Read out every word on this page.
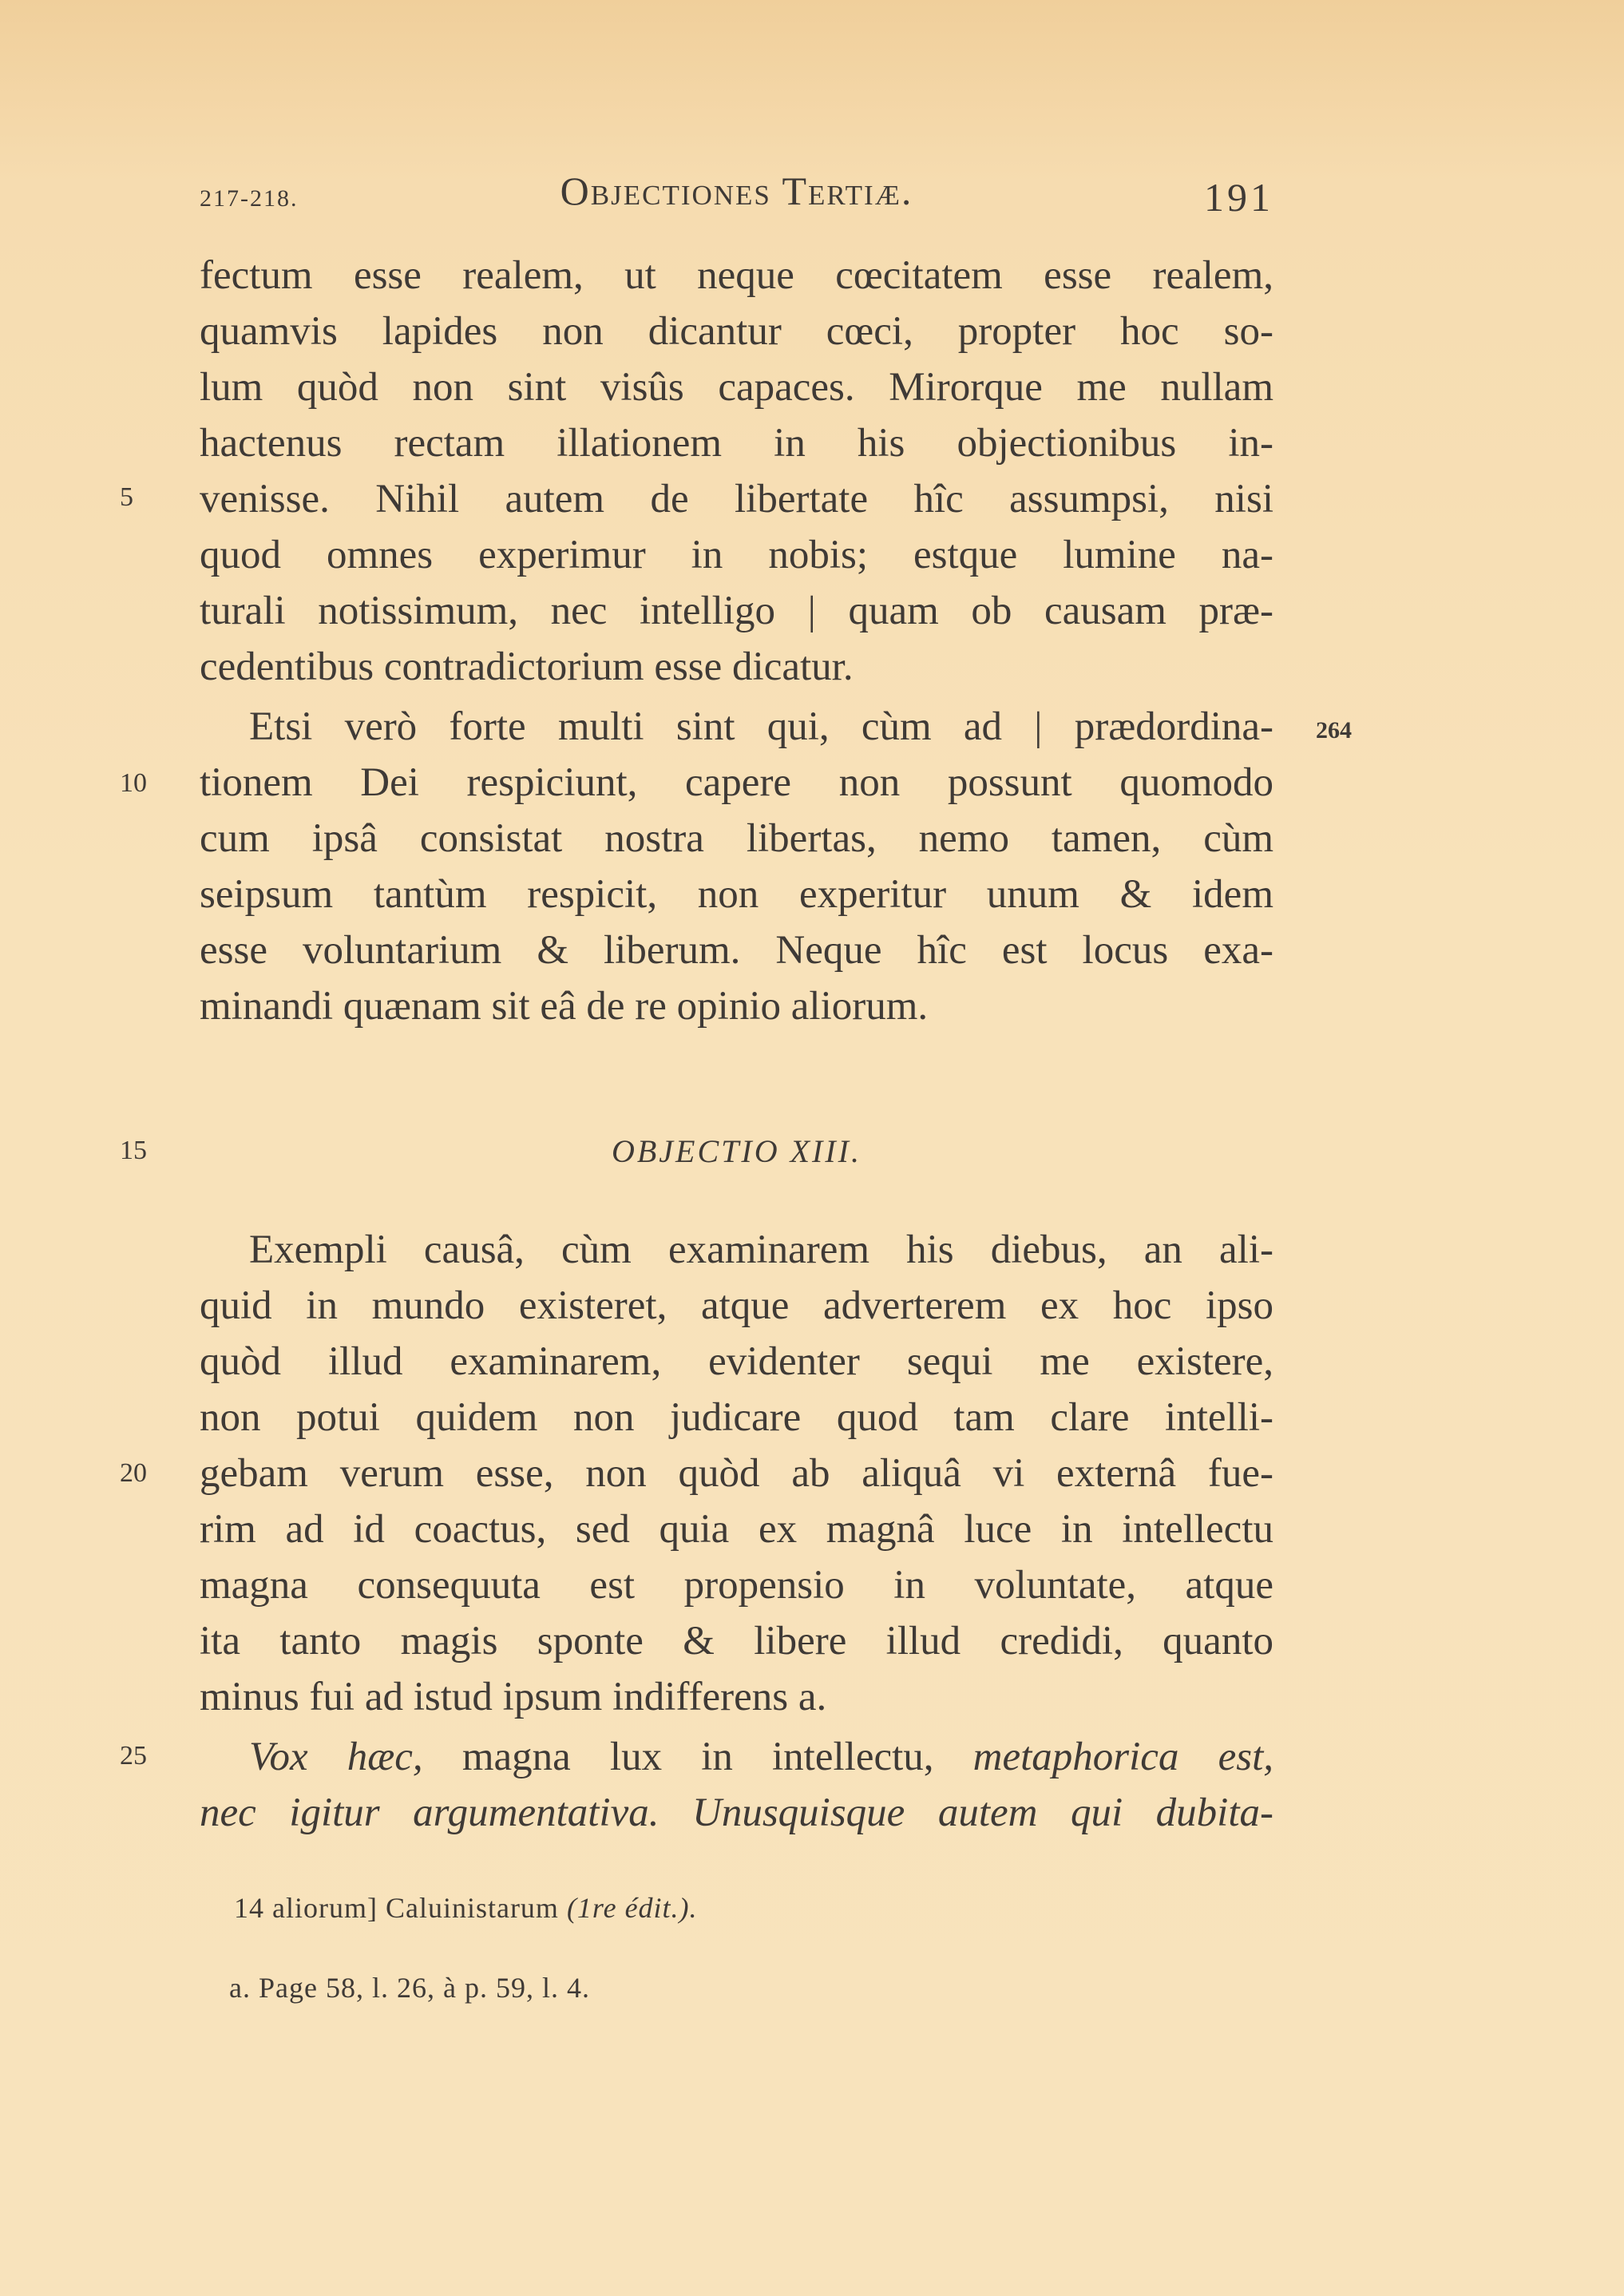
217-218.	Objectiones Tertiæ.	191
fectum esse realem, ut neque cœcitatem esse realem,
quamvis lapides non dicantur cœci, propter hoc so-
lum quòd non sint visûs capaces. Mirorque me nullam
hactenus rectam illationem in his objectionibus in-
venisse. Nihil autem de libertate hîc assumpsi, nisi
quod omnes experimur in nobis; estque lumine na-
turali notissimum, nec intelligo | quam ob causam præ-
cedentibus contradictorium esse dicatur.
Etsi verò forte multi sint qui, cùm ad | prædordina-
tionem Dei respiciunt, capere non possunt quomodo
cum ipsâ consistat nostra libertas, nemo tamen, cùm
seipsum tantùm respicit, non experitur unum & idem
esse voluntarium & liberum. Neque hîc est locus exa-
minandi quænam sit eâ de re opinio aliorum.
OBJECTIO XIII.
Exempli causâ, cùm examinarem his diebus, an ali-
quid in mundo existeret, atque adverterem ex hoc ipso
quòd illud examinarem, evidenter sequi me existere,
non potui quidem non judicare quod tam clare intelli-
gebam verum esse, non quòd ab aliquâ vi externâ fue-
rim ad id coactus, sed quia ex magnâ luce in intellectu
magna consequuta est propensio in voluntate, atque
ita tanto magis sponte & libere illud credidi, quanto
minus fui ad istud ipsum indifferens a.
Vox hæc, magna lux in intellectu, metaphorica est,
nec igitur argumentativa. Unusquisque autem qui dubita-
5
10
15
20
25
264
14 aliorum] Caluinistarum (1re édit.).
a. Page 58, l. 26, à p. 59, l. 4.
